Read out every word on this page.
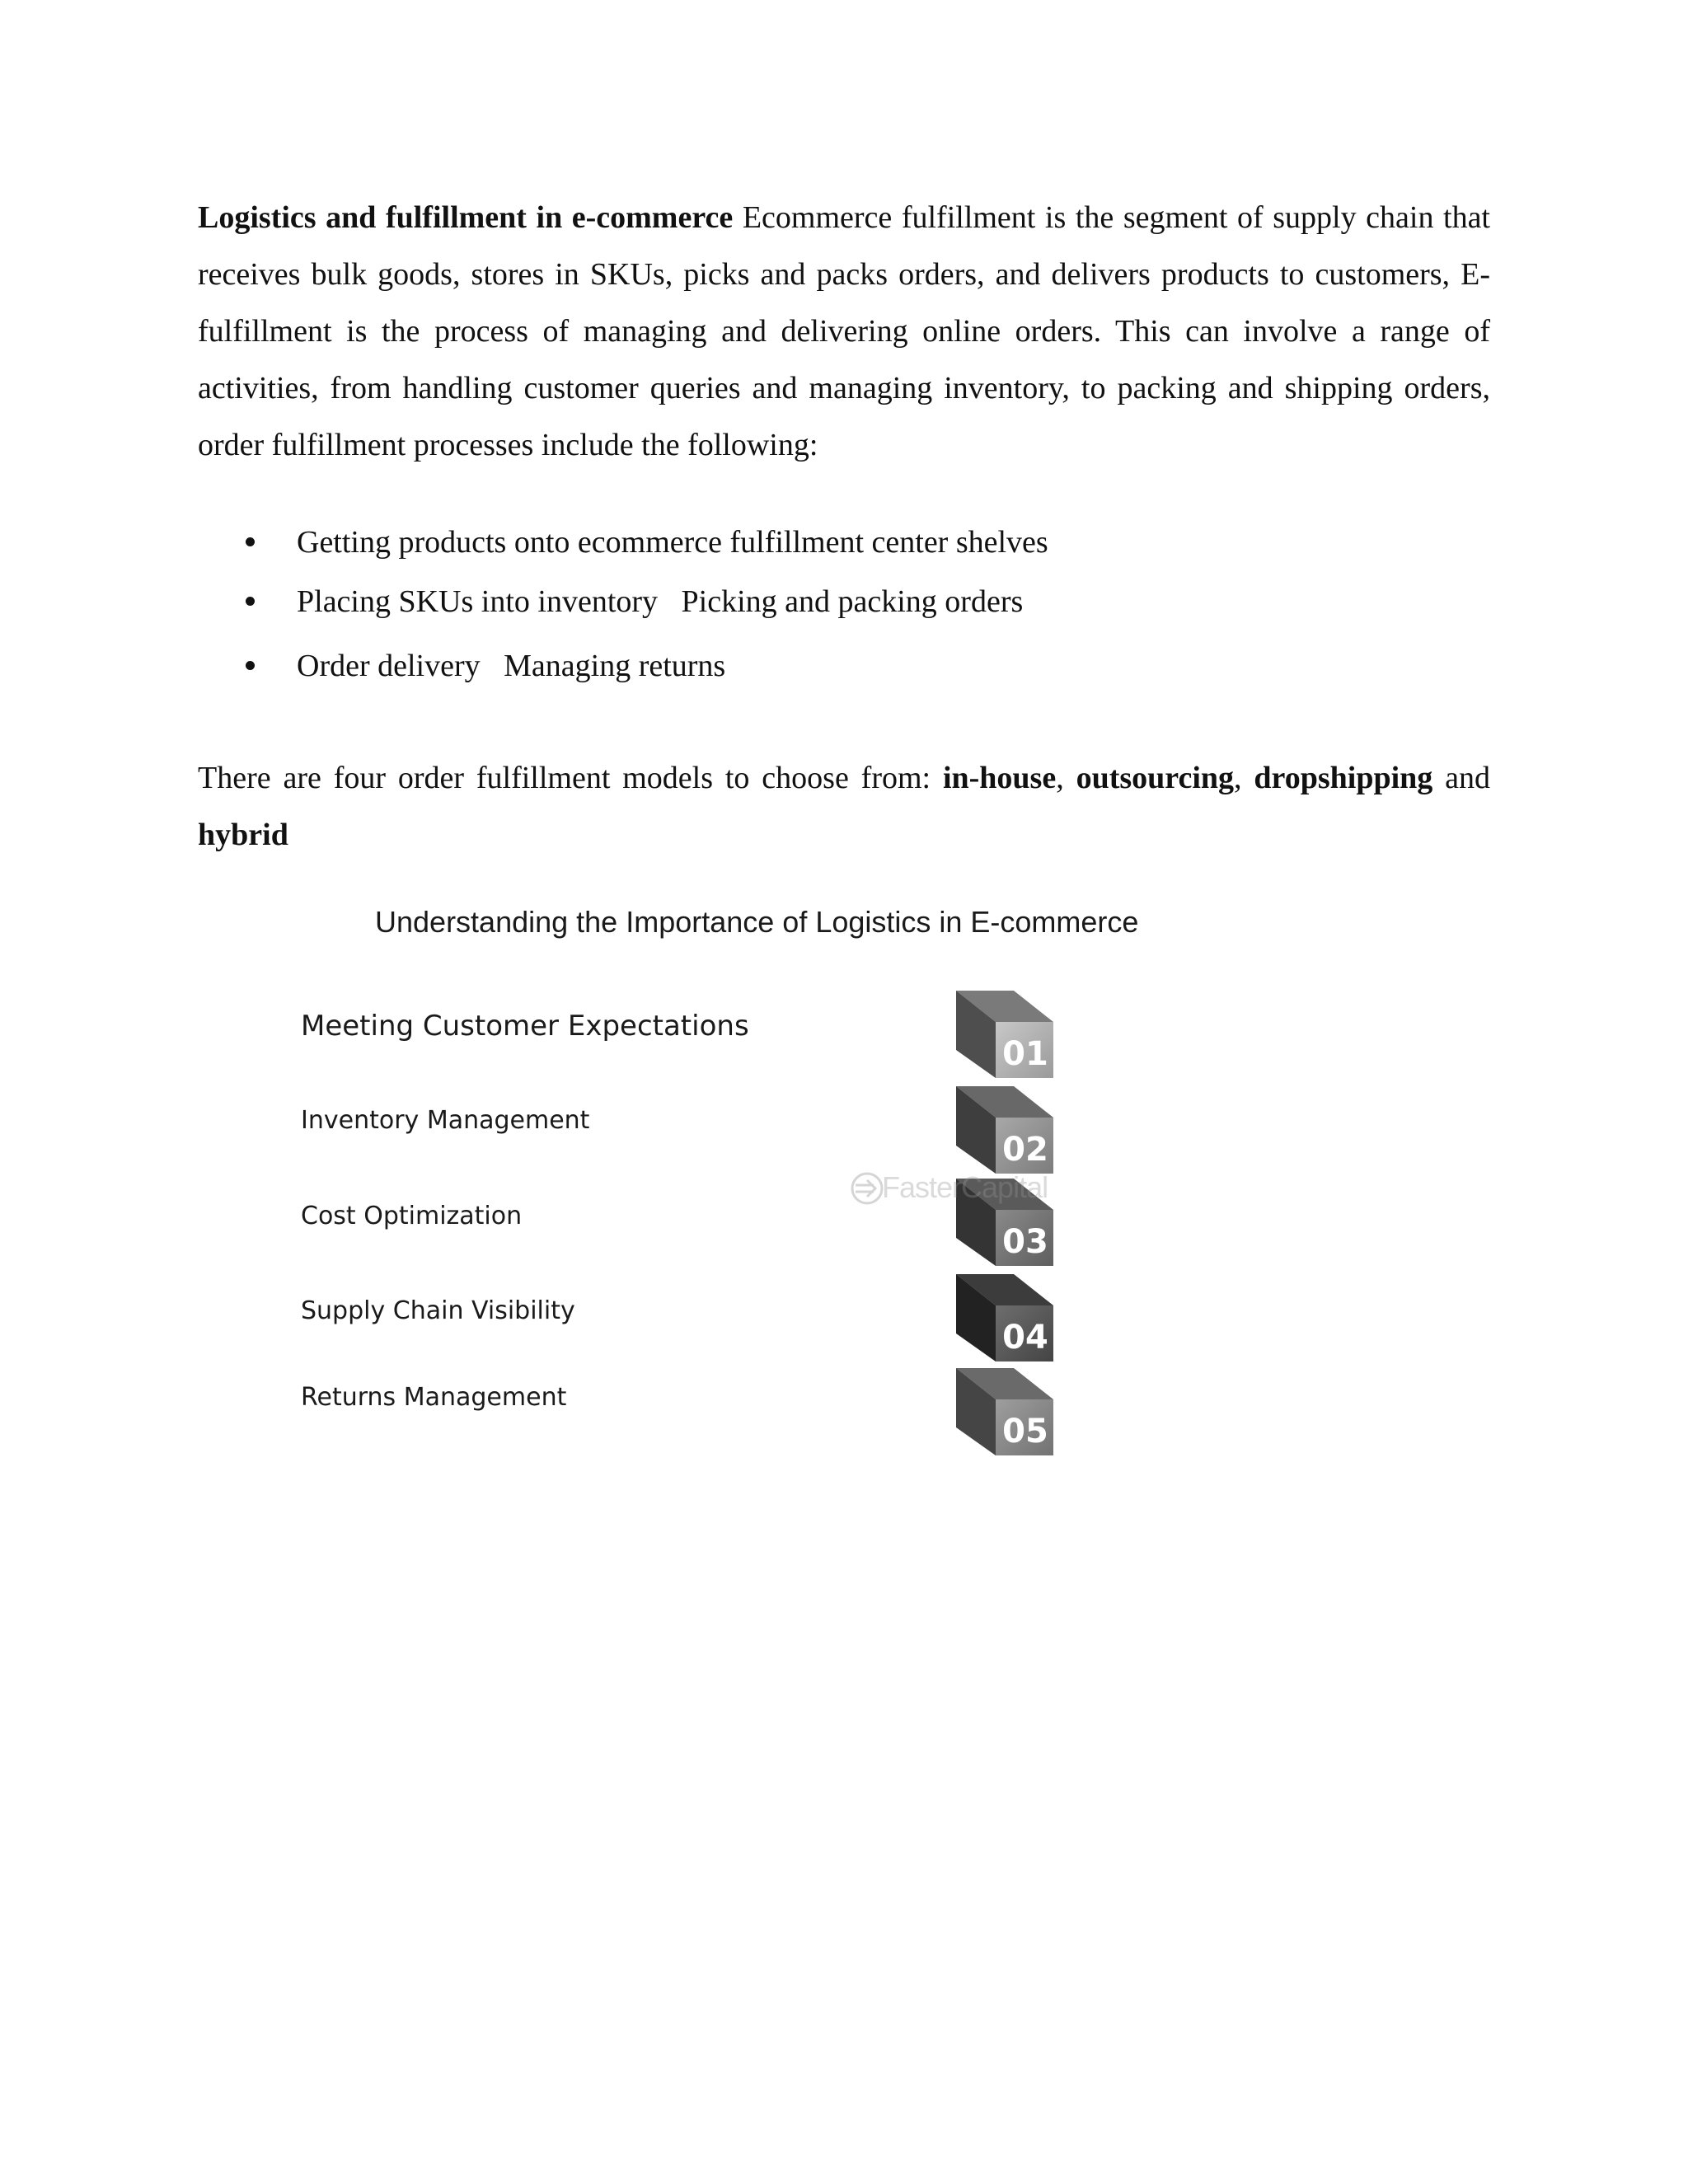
Logistics and fulfillment in e-commerce Ecommerce fulfillment is the segment of supply chain that receives bulk goods, stores in SKUs, picks and packs orders, and delivers products to customers, E-fulfillment is the process of managing and delivering online orders. This can involve a range of activities, from handling customer queries and managing inventory, to packing and shipping orders, order fulfillment processes include the following:

Getting products onto ecommerce fulfillment center shelves
Placing SKUs into inventory   Picking and packing orders
Order delivery   Managing returns

There are four order fulfillment models to choose from: in-house, outsourcing, dropshipping and hybrid

Understanding the Importance of Logistics in E-commerce
Meeting Customer Expectations
Inventory Management
Cost Optimization
Supply Chain Visibility
Returns Management
01
02
03
04
05
FasterCapital
